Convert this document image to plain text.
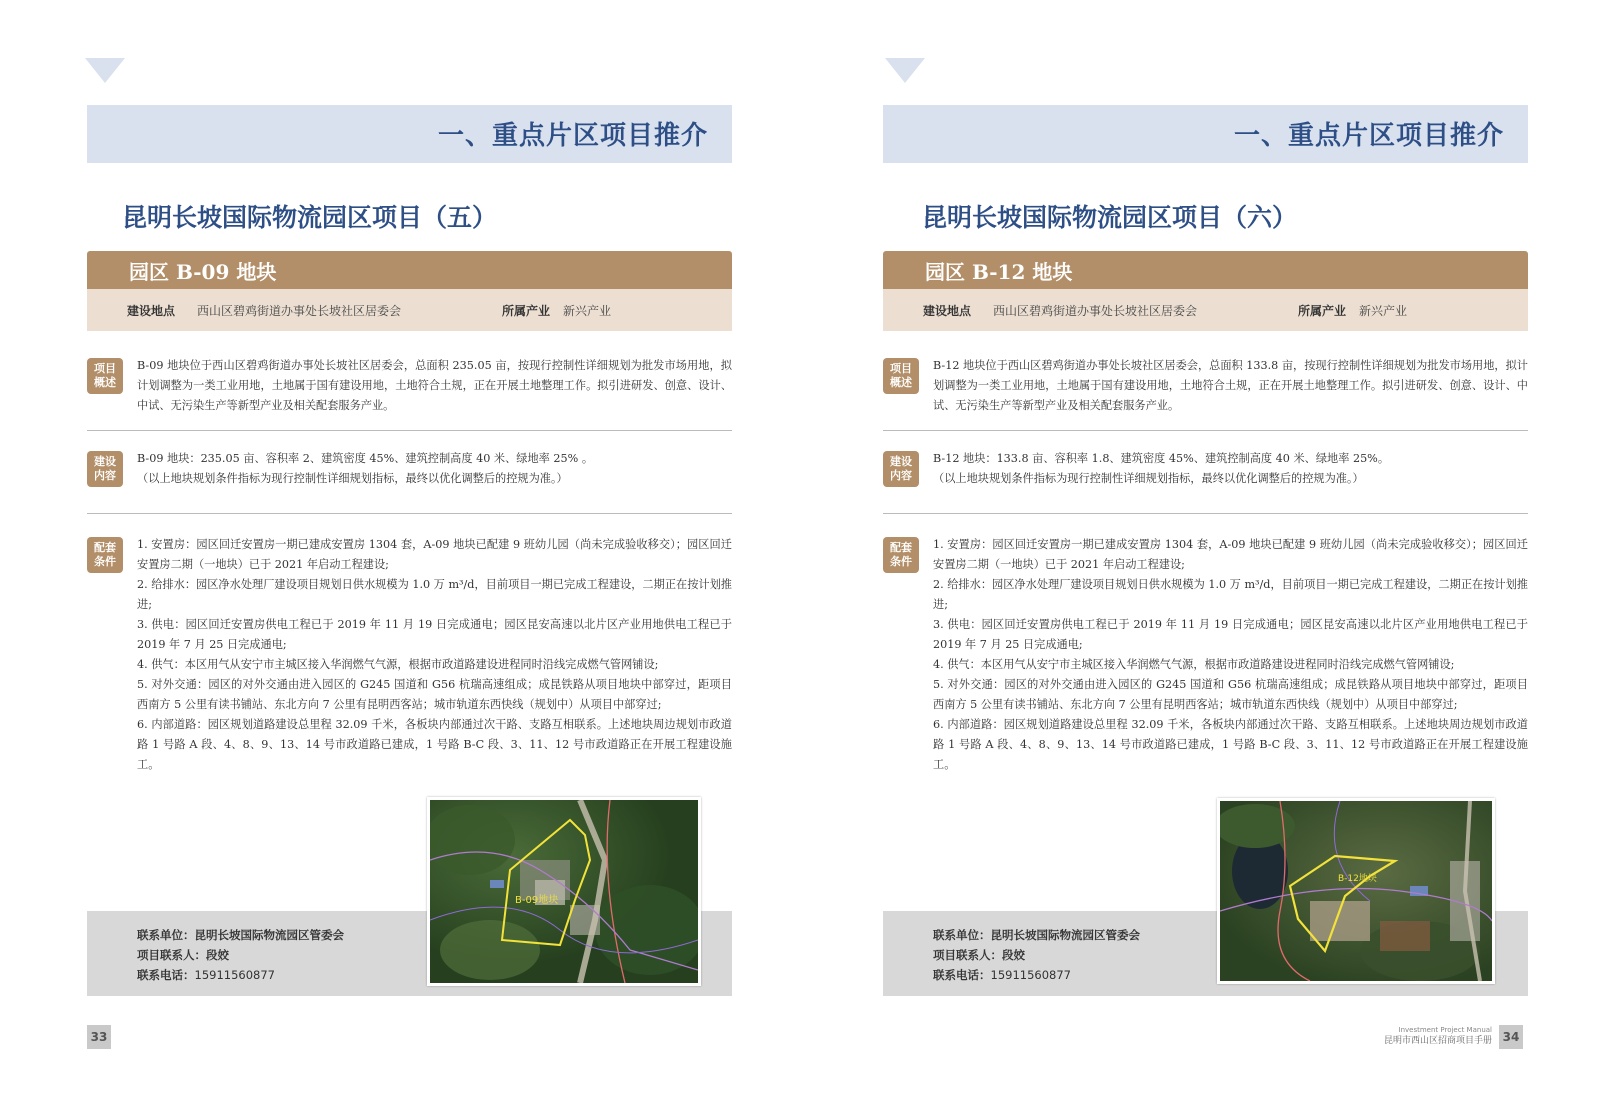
一、重点片区项目推介
昆明长坡国际物流园区项目（五）
园区 B-09 地块
建设地点 西山区碧鸡街道办事处长坡社区居委会	所属产业 新兴产业
项目
概述

B-09 地块位于西山区碧鸡街道办事处长坡社区居委会，总面积 235.05 亩，按现行控制性详细规划为批发市场用地，拟计划调整为一类工业用地，土地属于国有建设用地，土地符合土规，正在开展土地整理工作。拟引进研发、创意、设计、中试、无污染生产等新型产业及相关配套服务产业。

建设
内容

B-09 地块：235.05 亩、容积率 2、建筑密度 45%、建筑控制高度 40 米、绿地率 25% 。

（以上地块规划条件指标为现行控制性详细规划指标，最终以优化调整后的控规为准。）

配套
条件

1. 安置房：园区回迁安置房一期已建成安置房 1304 套，A-09 地块已配建 9 班幼儿园（尚未完成验收移交）；园区回迁安置房二期（一地块）已于 2021 年启动工程建设;

2. 给排水：园区净水处理厂建设项目规划日供水规模为 1.0 万 m³/d，目前项目一期已完成工程建设，二期正在按计划推进;

3. 供电：园区回迁安置房供电工程已于 2019 年 11 月 19 日完成通电；园区昆安高速以北片区产业用地供电工程已于 2019 年 7 月 25 日完成通电;

4. 供气：本区用气从安宁市主城区接入华润燃气气源，根据市政道路建设进程同时沿线完成燃气管网铺设;

5. 对外交通：园区的对外交通由进入园区的 G245 国道和 G56 杭瑞高速组成；成昆铁路从项目地块中部穿过，距项目西南方 5 公里有读书铺站、东北方向 7 公里有昆明西客站；城市轨道东西快线（规划中）从项目中部穿过;

6. 内部道路：园区规划道路建设总里程 32.09 千米，各板块内部通过次干路、支路互相联系。上述地块周边规划市政道路 1 号路 A 段、4、8、9、13、14 号市政道路已建成，1 号路 B-C 段、3、11、12 号市政道路正在开展工程建设施工。

联系单位：昆明长坡国际物流园区管委会
项目联系人：段姣
联系电话：15911560877
B-09地块
33
一、重点片区项目推介
昆明长坡国际物流园区项目（六）
园区 B-12 地块
建设地点 西山区碧鸡街道办事处长坡社区居委会	所属产业 新兴产业
项目
概述

B-12 地块位于西山区碧鸡街道办事处长坡社区居委会，总面积 133.8 亩，按现行控制性详细规划为批发市场用地，拟计划调整为一类工业用地，土地属于国有建设用地，土地符合土规，正在开展土地整理工作。拟引进研发、创意、设计、中试、无污染生产等新型产业及相关配套服务产业。

建设
内容

B-12 地块：133.8 亩、容积率 1.8、建筑密度 45%、建筑控制高度 40 米、绿地率 25%。

（以上地块规划条件指标为现行控制性详细规划指标，最终以优化调整后的控规为准。）

配套
条件

1. 安置房：园区回迁安置房一期已建成安置房 1304 套，A-09 地块已配建 9 班幼儿园（尚未完成验收移交）；园区回迁安置房二期（一地块）已于 2021 年启动工程建设;

2. 给排水：园区净水处理厂建设项目规划日供水规模为 1.0 万 m³/d，目前项目一期已完成工程建设，二期正在按计划推进;

3. 供电：园区回迁安置房供电工程已于 2019 年 11 月 19 日完成通电；园区昆安高速以北片区产业用地供电工程已于 2019 年 7 月 25 日完成通电;

4. 供气：本区用气从安宁市主城区接入华润燃气气源，根据市政道路建设进程同时沿线完成燃气管网铺设;

5. 对外交通：园区的对外交通由进入园区的 G245 国道和 G56 杭瑞高速组成；成昆铁路从项目地块中部穿过，距项目西南方 5 公里有读书铺站、东北方向 7 公里有昆明西客站；城市轨道东西快线（规划中）从项目中部穿过;

6. 内部道路：园区规划道路建设总里程 32.09 千米，各板块内部通过次干路、支路互相联系。上述地块周边规划市政道路 1 号路 A 段、4、8、9、13、14 号市政道路已建成，1 号路 B-C 段、3、11、12 号市政道路正在开展工程建设施工。

联系单位：昆明长坡国际物流园区管委会
项目联系人：段姣
联系电话：15911560877
B-12地块
Investment Project Manual
昆明市西山区招商项目手册 34
